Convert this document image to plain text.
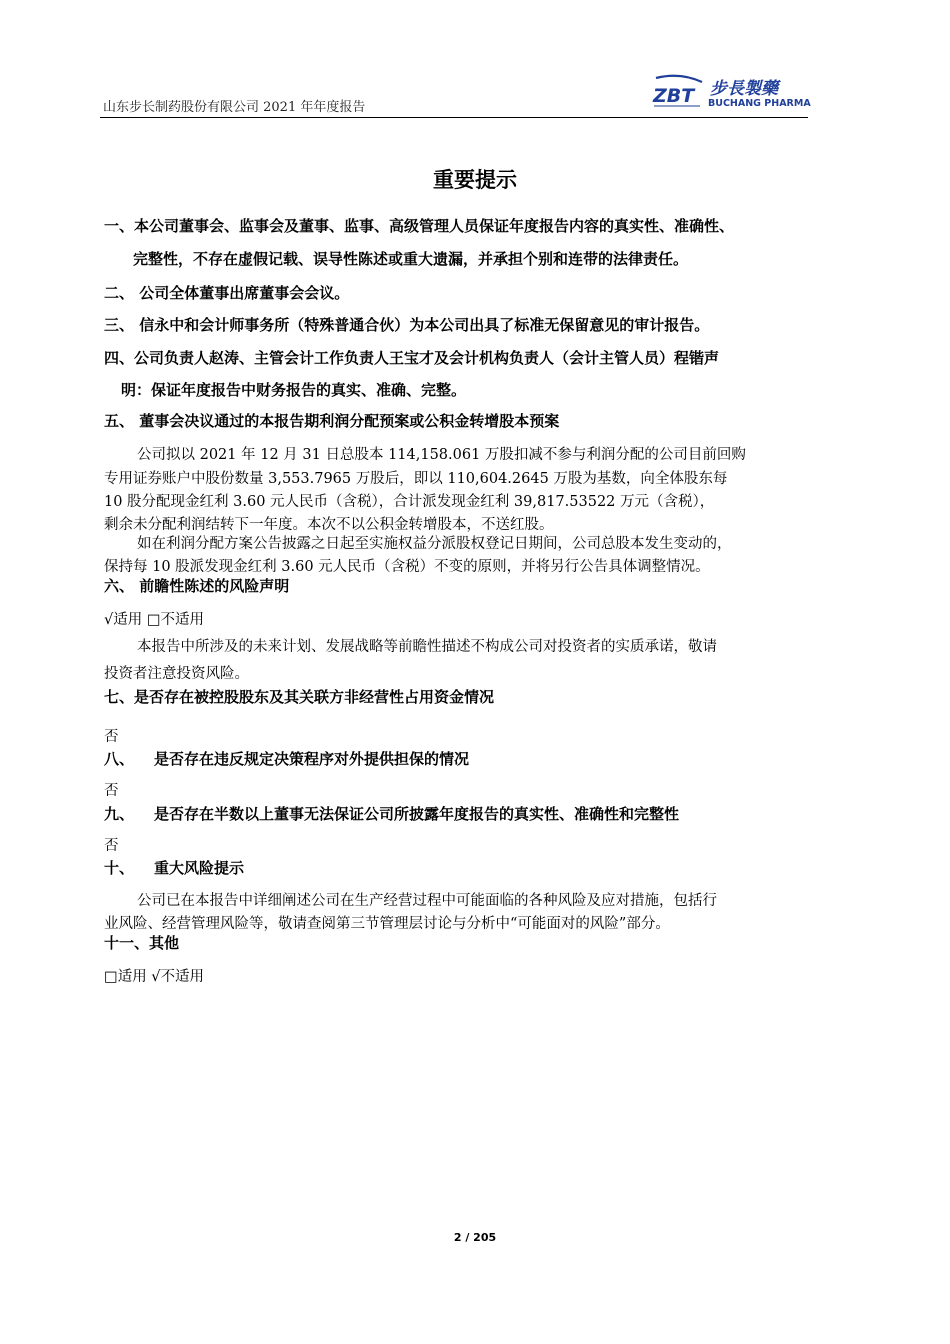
山东步长制药股份有限公司 2021 年年度报告
ZBT 步長製藥
BUCHANG PHARMA
重要提示
一、本公司董事会、监事会及董事、监事、高级管理人员保证年度报告内容的真实性、准确性、
完整性，不存在虚假记载、误导性陈述或重大遗漏，并承担个别和连带的法律责任。
二、 公司全体董事出席董事会会议。
三、 信永中和会计师事务所（特殊普通合伙）为本公司出具了标准无保留意见的审计报告。
四、公司负责人赵涛、主管会计工作负责人王宝才及会计机构负责人（会计主管人员）程锴声
明：保证年度报告中财务报告的真实、准确、完整。
五、 董事会决议通过的本报告期利润分配预案或公积金转增股本预案
公司拟以 2021 年 12 月 31 日总股本 114,158.061 万股扣减不参与利润分配的公司目前回购
专用证券账户中股份数量 3,553.7965 万股后，即以 110,604.2645 万股为基数，向全体股东每
10 股分配现金红利 3.60 元人民币（含税），合计派发现金红利 39,817.53522 万元（含税），
剩余未分配利润结转下一年度。本次不以公积金转增股本，不送红股。
如在利润分配方案公告披露之日起至实施权益分派股权登记日期间，公司总股本发生变动的，
保持每 10 股派发现金红利 3.60 元人民币（含税）不变的原则，并将另行公告具体调整情况。
六、 前瞻性陈述的风险声明
√适用 □不适用
本报告中所涉及的未来计划、发展战略等前瞻性描述不构成公司对投资者的实质承诺，敬请
投资者注意投资风险。
七、是否存在被控股股东及其关联方非经营性占用资金情况
否
八、 是否存在违反规定决策程序对外提供担保的情况
否
九、 是否存在半数以上董事无法保证公司所披露年度报告的真实性、准确性和完整性
否
十、 重大风险提示
公司已在本报告中详细阐述公司在生产经营过程中可能面临的各种风险及应对措施，包括行
业风险、经营管理风险等，敬请查阅第三节管理层讨论与分析中“可能面对的风险”部分。
十一、其他
□适用 √不适用
2 / 205
